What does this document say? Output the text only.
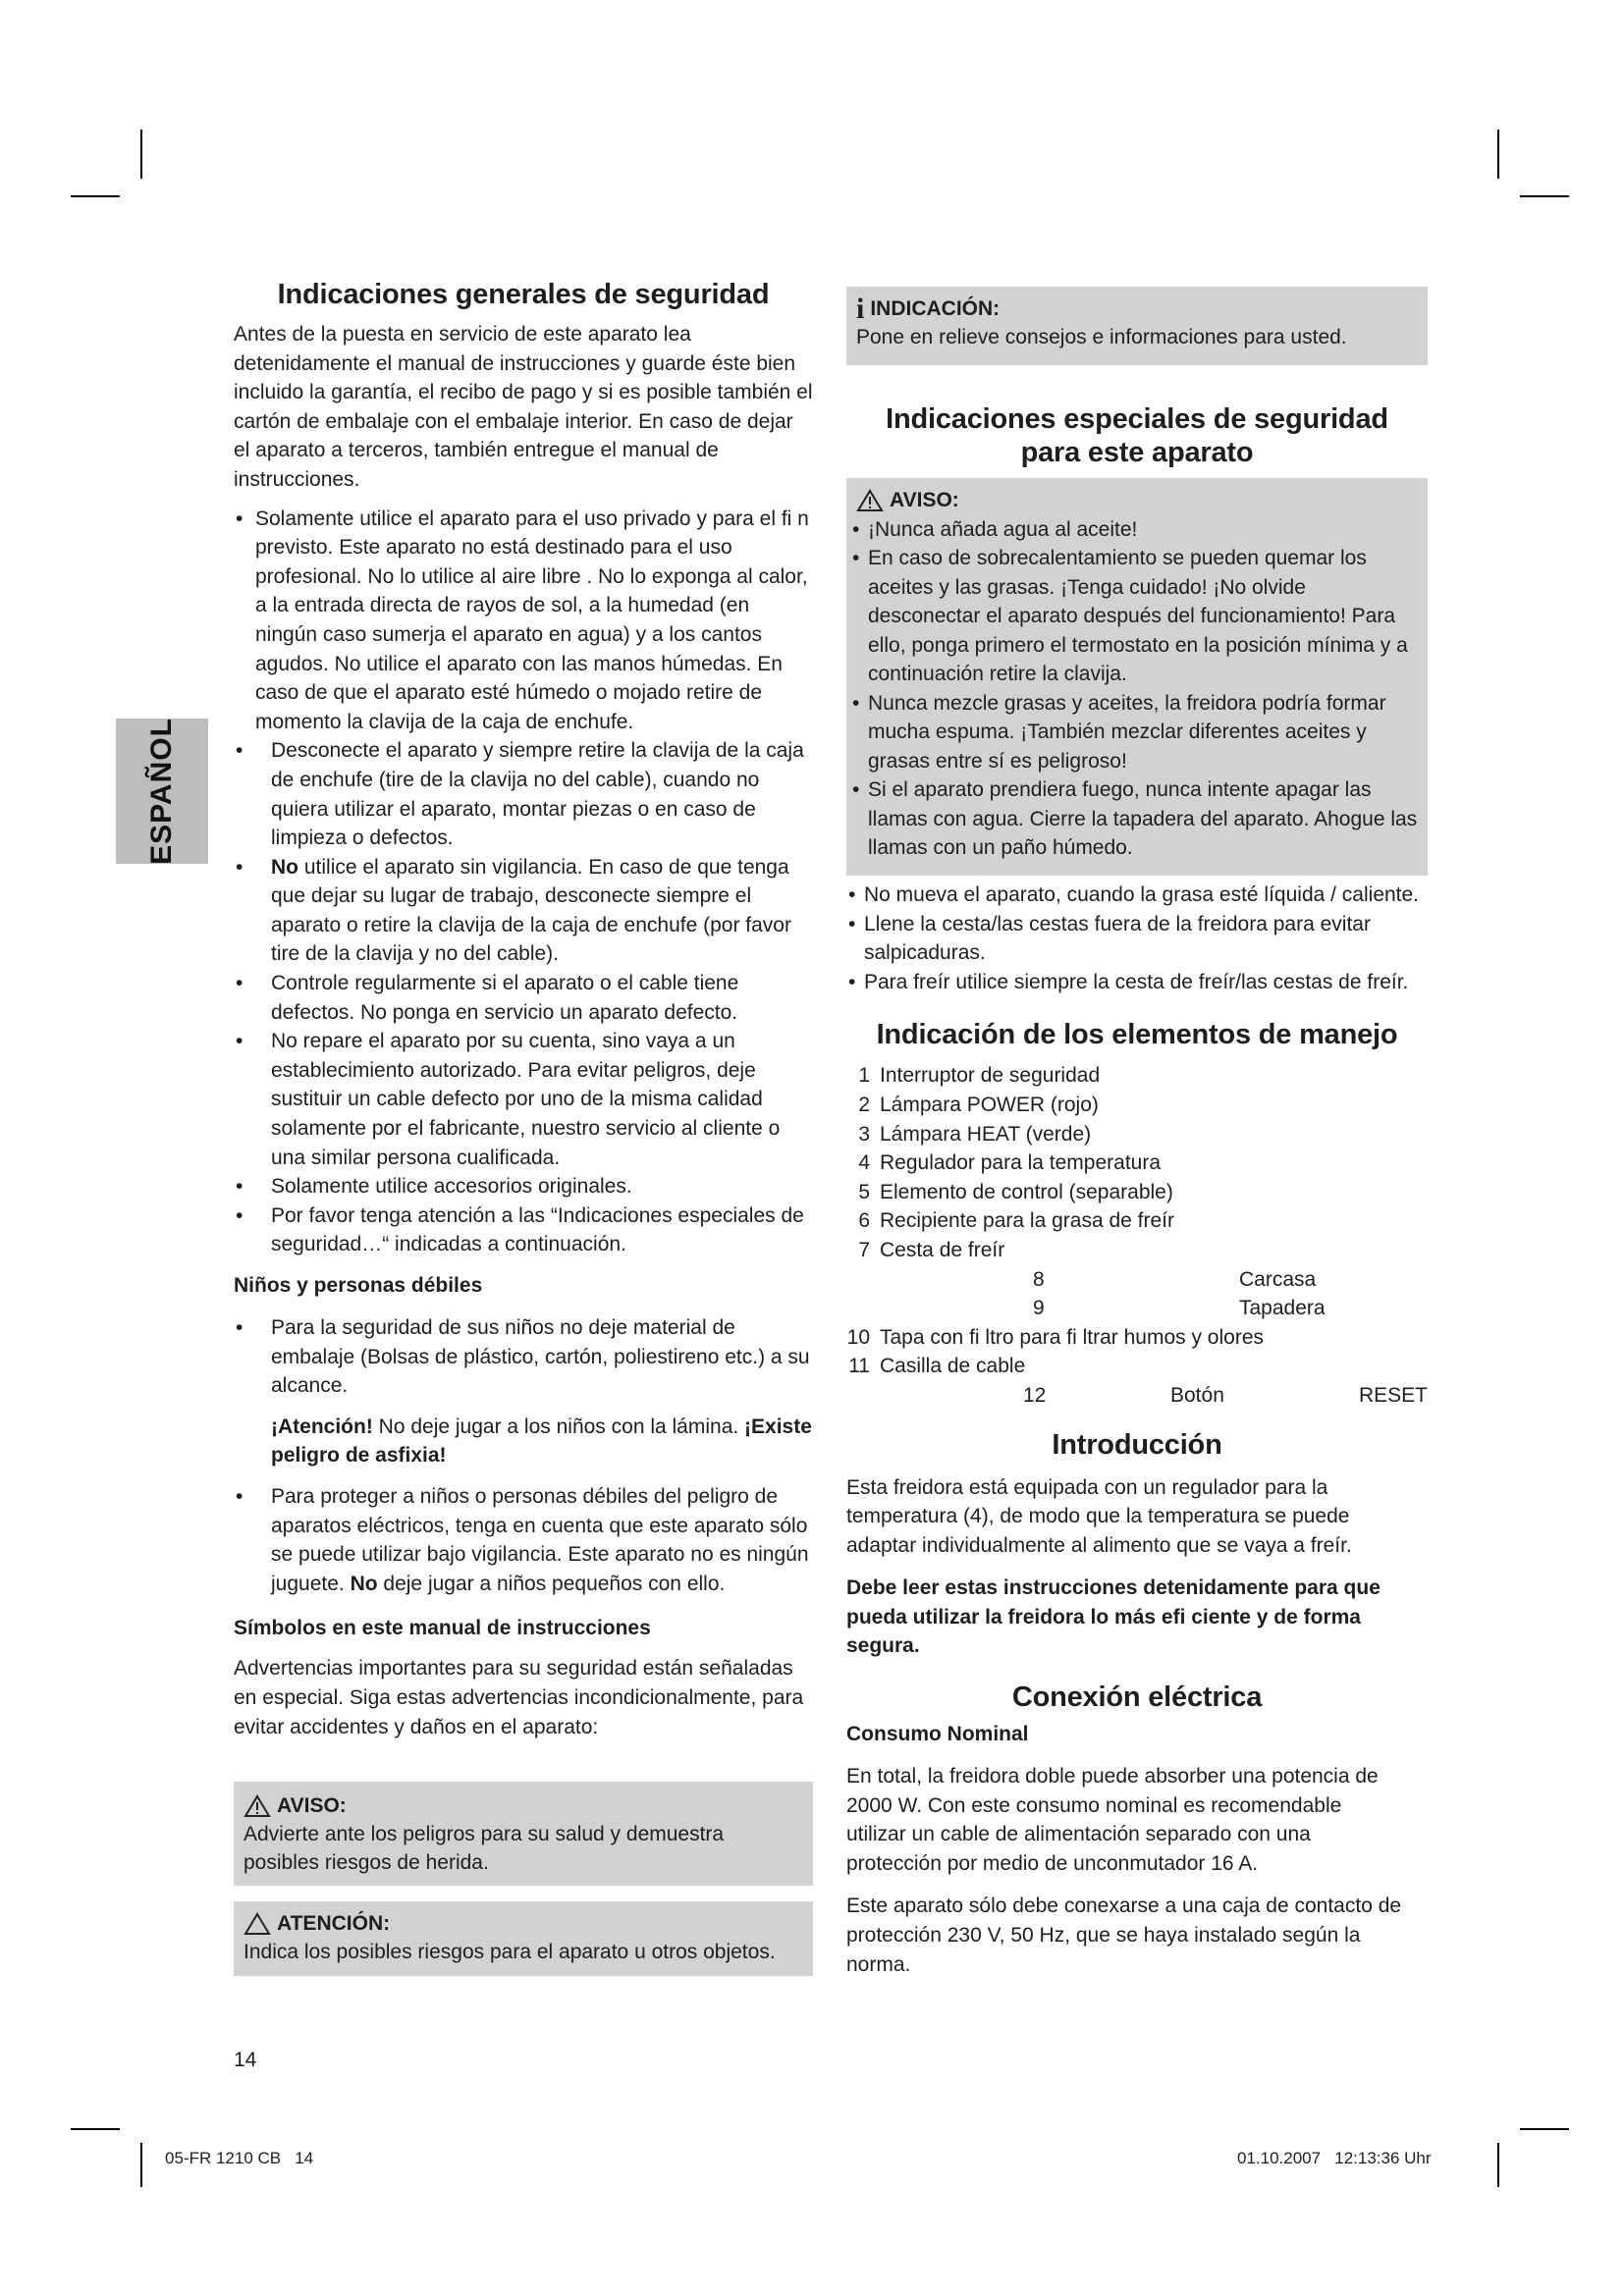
ESPAÑOL
Indicaciones generales de seguridad

Antes de la puesta en servicio de este aparato lea detenidamente el manual de instrucciones y guarde éste bien incluido la garantía, el recibo de pago y si es posible también el cartón de embalaje con el embalaje interior. En caso de dejar el aparato a terceros, también entregue el manual de instrucciones.

• Solamente utilice el aparato para el uso privado y para el fi n previsto. Este aparato no está destinado para el uso profesional. No lo utilice al aire libre . No lo exponga al calor, a la entrada directa de rayos de sol, a la humedad (en ningún caso sumerja el aparato en agua) y a los cantos agudos. No utilice el aparato con las manos húmedas. En caso de que el aparato esté húmedo o mojado retire de momento la clavija de la caja de enchufe.
• Desconecte el aparato y siempre retire la clavija de la caja de enchufe (tire de la clavija no del cable), cuando no quiera utilizar el aparato, montar piezas o en caso de limpieza o defectos.
• No utilice el aparato sin vigilancia. En caso de que tenga que dejar su lugar de trabajo, desconecte siempre el aparato o retire la clavija de la caja de enchufe (por favor tire de la clavija y no del cable).
• Controle regularmente si el aparato o el cable tiene defectos. No ponga en servicio un aparato defecto.
• No repare el aparato por su cuenta, sino vaya a un establecimiento autorizado. Para evitar peligros, deje sustituir un cable defecto por uno de la misma calidad solamente por el fabricante, nuestro servicio al cliente o una similar persona cualificada.
• Solamente utilice accesorios originales.
• Por favor tenga atención a las “Indicaciones especiales de seguridad…“ indicadas a continuación.
Niños y personas débiles
• Para la seguridad de sus niños no deje material de embalaje (Bolsas de plástico, cartón, poliestireno etc.) a su alcance.

¡Atención! No deje jugar a los niños con la lámina. ¡Existe peligro de asfixia!

• Para proteger a niños o personas débiles del peligro de aparatos eléctricos, tenga en cuenta que este aparato sólo se puede utilizar bajo vigilancia. Este aparato no es ningún juguete. No deje jugar a niños pequeños con ello.
Símbolos en este manual de instrucciones

Advertencias importantes para su seguridad están señaladas en especial. Siga estas advertencias incondicionalmente, para evitar accidentes y daños en el aparato:

AVISO:

Advierte ante los peligros para su salud y demuestra posibles riesgos de herida.

ATENCIÓN:

Indica los posibles riesgos para el aparato u otros objetos.

14
i INDICACIÓN:

Pone en relieve consejos e informaciones para usted.

Indicaciones especiales de seguridad
para este aparato
AVISO:
• ¡Nunca añada agua al aceite!
• En caso de sobrecalentamiento se pueden quemar los aceites y las grasas. ¡Tenga cuidado! ¡No olvide desconectar el aparato después del funcionamiento! Para ello, ponga primero el termostato en la posición mínima y a continuación retire la clavija.
• Nunca mezcle grasas y aceites, la freidora podría formar mucha espuma. ¡También mezclar diferentes aceites y grasas entre sí es peligroso!
• Si el aparato prendiera fuego, nunca intente apagar las llamas con agua. Cierre la tapadera del aparato. Ahogue las llamas con un paño húmedo.
• No mueva el aparato, cuando la grasa esté líquida / caliente.
• Llene la cesta/las cestas fuera de la freidora para evitar salpicaduras.
• Para freír utilice siempre la cesta de freír/las cestas de freír.
Indicación de los elementos de manejo
1 Interruptor de seguridad
2 Lámpara POWER (rojo)
3 Lámpara HEAT (verde)
4 Regulador para la temperatura
5 Elemento de control (separable)
6 Recipiente para la grasa de freír
7 Cesta de freír
8	Carcasa
9	Tapadera
10 Tapa con fi ltro para fi ltrar humos y olores
11 Casilla de cable
12	Botón	RESET
Introducción

Esta freidora está equipada con un regulador para la temperatura (4), de modo que la temperatura se puede adaptar individualmente al alimento que se vaya a freír.

Debe leer estas instrucciones detenidamente para que pueda utilizar la freidora lo más efi ciente y de forma segura.

Conexión eléctrica
Consumo Nominal

En total, la freidora doble puede absorber una potencia de 2000 W. Con este consumo nominal es recomendable utilizar un cable de alimentación separado con una protección por medio de unconmutador 16 A.

Este aparato sólo debe conexarse a una caja de contacto de protección 230 V, 50 Hz, que se haya instalado según la norma.

05-FR 1210 CB   14	01.10.2007   12:13:36 Uhr
